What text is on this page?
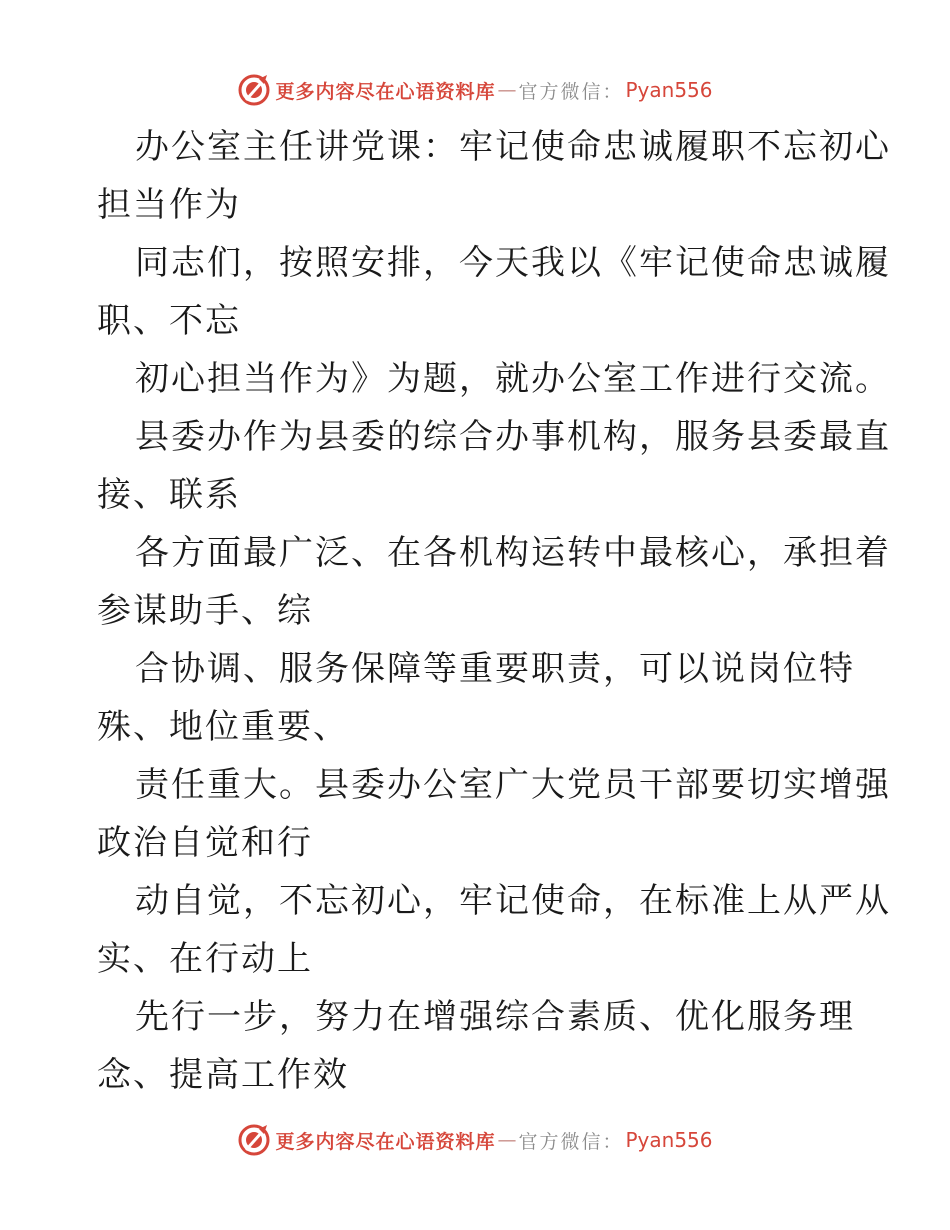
更多内容尽在心语资料库 — 官方微信： Pyan556
办公室主任讲党课：牢记使命忠诚履职不忘初心
担当作为
同志们，按照安排，今天我以《牢记使命忠诚履
职、不忘
初心担当作为》为题，就办公室工作进行交流。
县委办作为县委的综合办事机构，服务县委最直
接、联系
各方面最广泛、在各机构运转中最核心，承担着
参谋助手、综
合协调、服务保障等重要职责，可以说岗位特
殊、地位重要、
责任重大。县委办公室广大党员干部要切实增强
政治自觉和行
动自觉，不忘初心，牢记使命，在标准上从严从
实、在行动上
先行一步，努力在增强综合素质、优化服务理
念、提高工作效
更多内容尽在心语资料库 — 官方微信： Pyan556
